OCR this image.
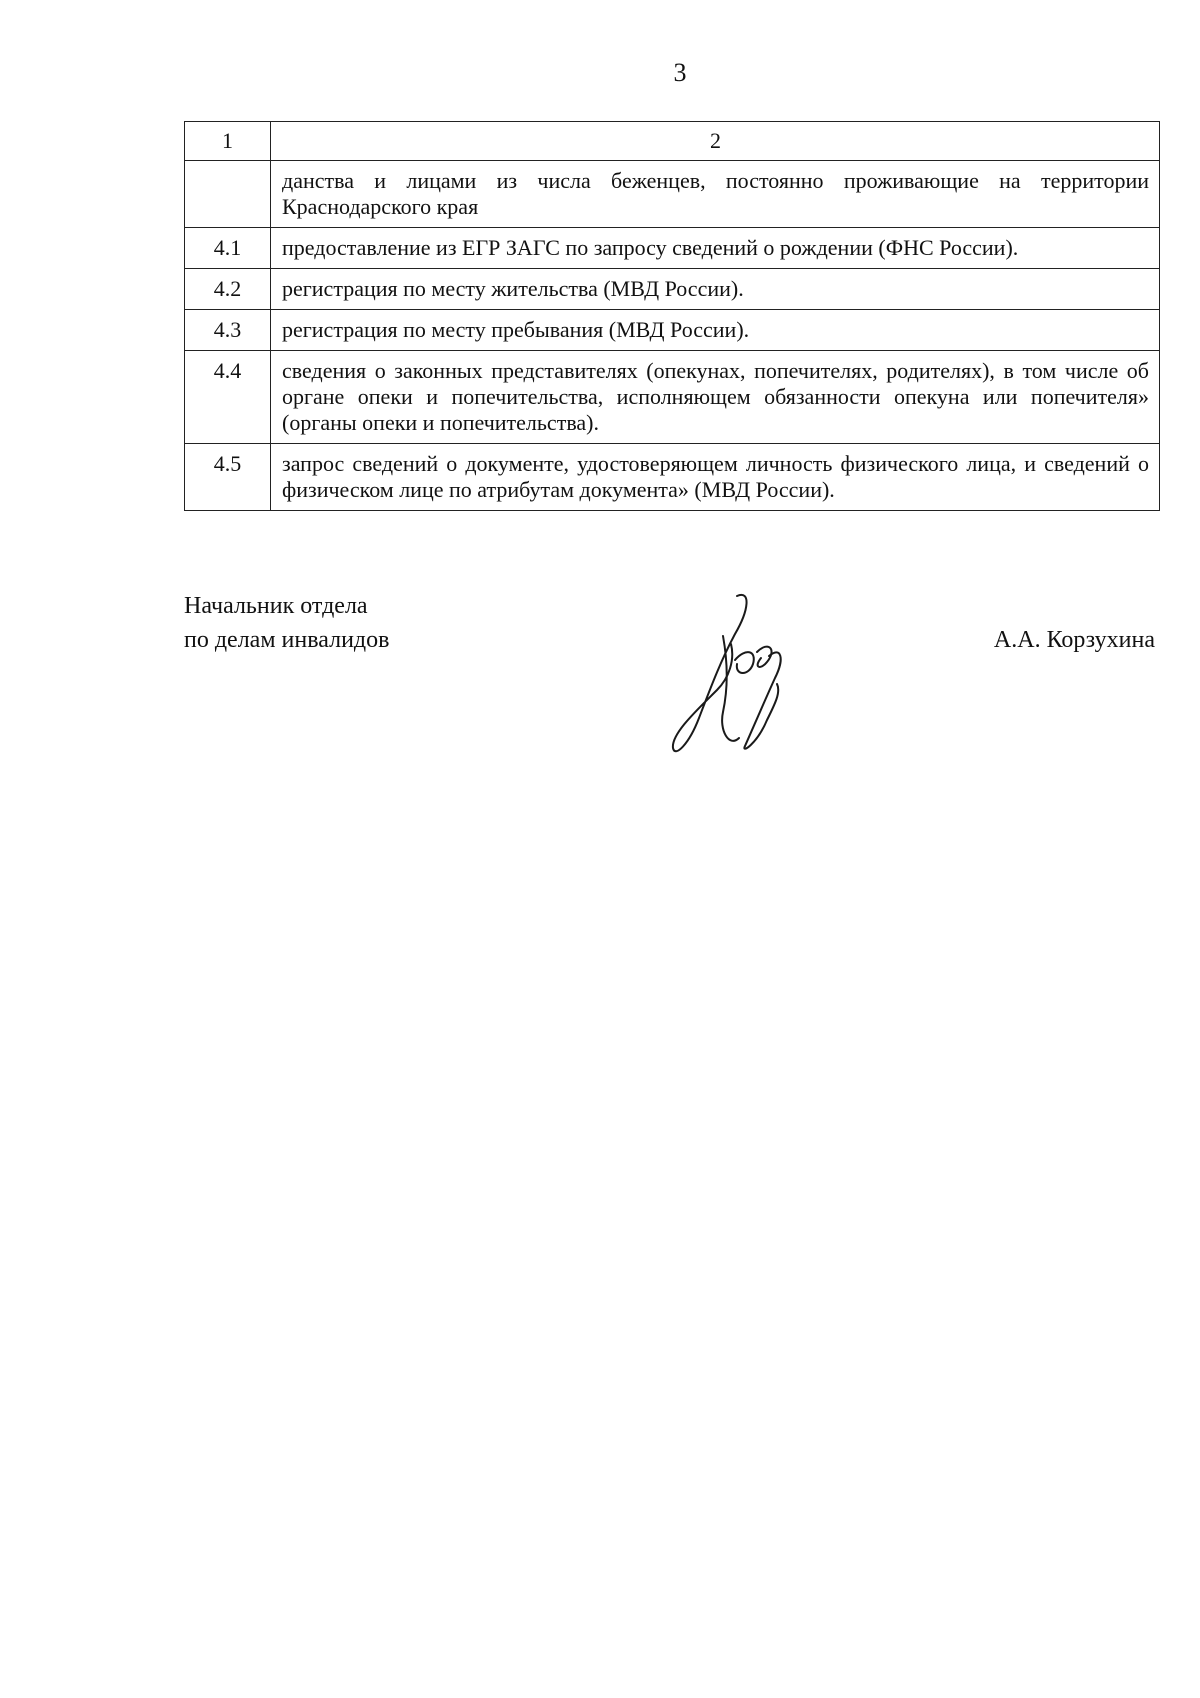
3
1	2
	данства и лицами из числа беженцев, постоянно проживающие на территории Краснодарского края
4.1	предоставление из ЕГР ЗАГС по запросу сведений о рождении (ФНС России).
4.2	регистрация по месту жительства (МВД России).
4.3	регистрация по месту пребывания (МВД России).
4.4	сведения о законных представителях (опекунах, попечителях, родителях), в том числе об органе опеки и попечительства, исполняющем обязанности опекуна или попечителя» (органы опеки и попечительства).
4.5	запрос сведений о документе, удостоверяющем личность физического лица, и сведений о физическом лице по атрибутам документа» (МВД России).
Начальник отдела
по делам инвалидов	А.А. Корзухина
